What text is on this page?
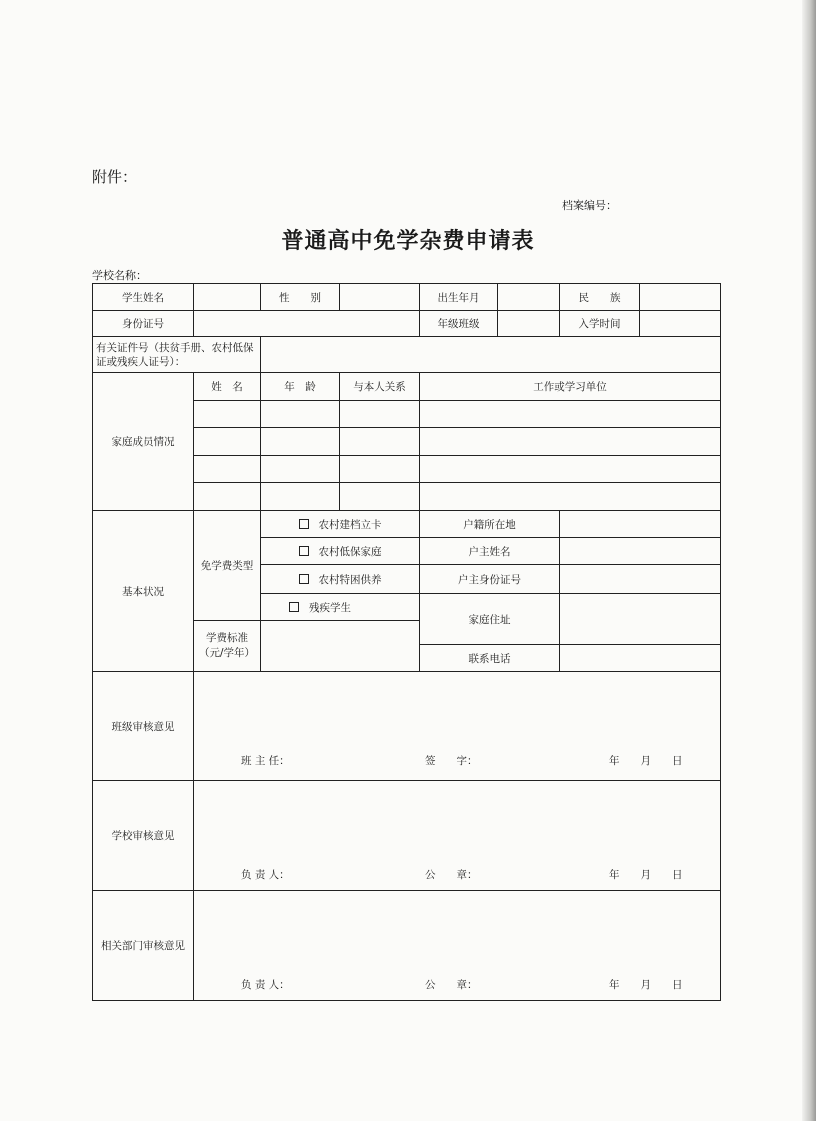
附件：
档案编号：
普通高中免学杂费申请表
学校名称：
学生姓名		性　　别		出生年月		民　　族	
身份证号				年级班级		入学时间	
有关证件号（扶贫手册、农村低保证或残疾人证号）：							
家庭成员情况	姓　名	年　龄	与本人关系	工作或学习单位			

基本状况	免学费类型	农村建档立卡		户籍所在地			
		农村低保家庭		户主姓名			
		农村特困供养		户主身份证号			
		残疾学生		家庭住址			
	学费标准（元/学年）						
				联系电话			
班级审核意见	班 主 任： 签　　字： 年　　月　　日						

学校审核意见	负 责 人： 公　　章： 年　　月　　日						

相关部门审核意见	负 责 人： 公　　章： 年　　月　　日						
